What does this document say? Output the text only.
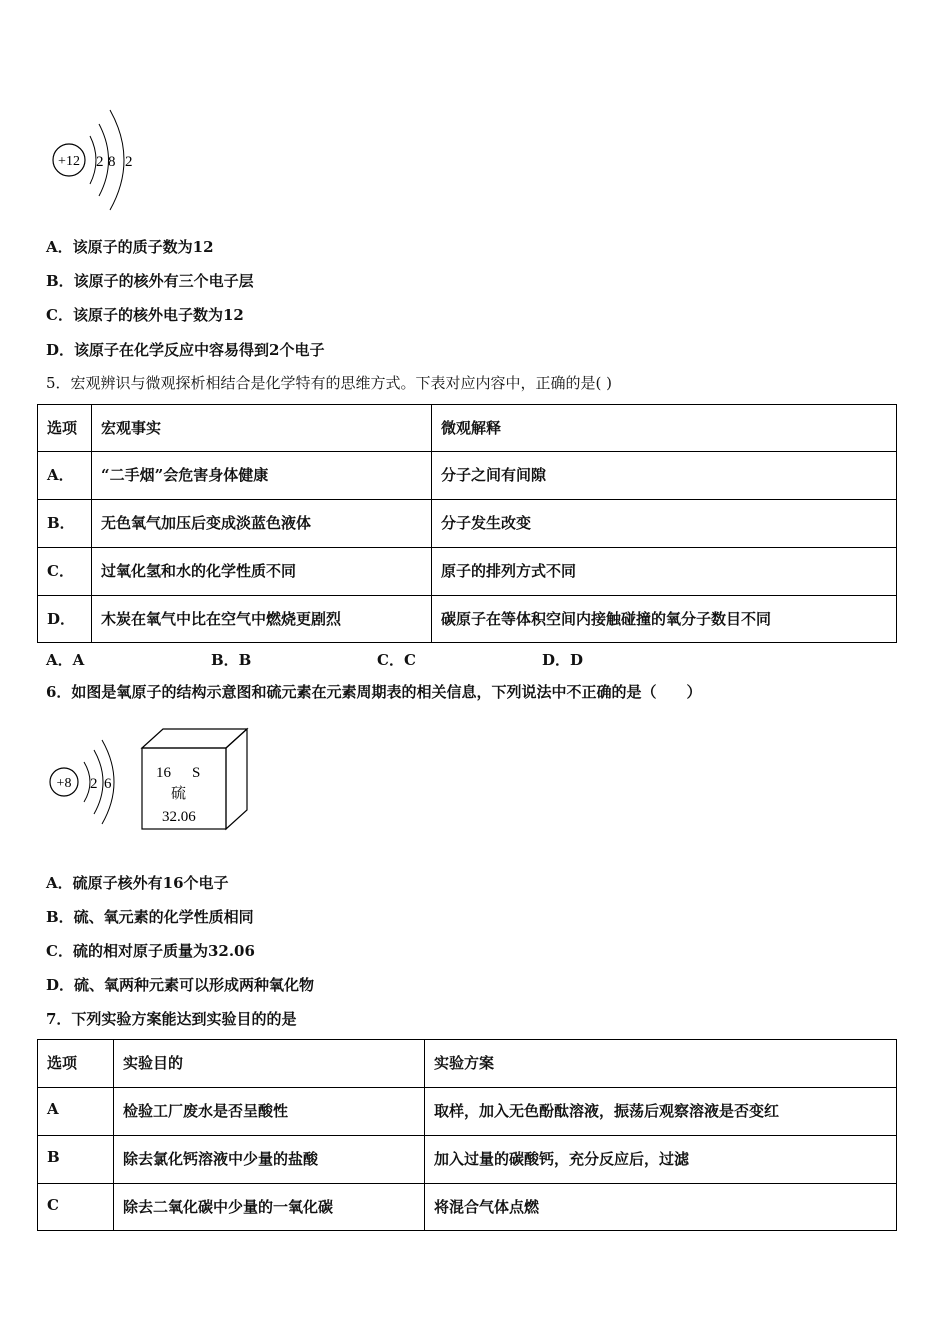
+12 2 8 2
A．该原子的质子数为12
B．该原子的核外有三个电子层
C．该原子的核外电子数为12
D．该原子在化学反应中容易得到2个电子
5．宏观辨识与微观探析相结合是化学特有的思维方式。下表对应内容中，正确的是( )
选项	宏观事实	微观解释
A．	“二手烟”会危害身体健康	分子之间有间隙
B．	无色氧气加压后变成淡蓝色液体	分子发生改变
C．	过氧化氢和水的化学性质不同	原子的排列方式不同
D．	木炭在氧气中比在空气中燃烧更剧烈	碳原子在等体积空间内接触碰撞的氧分子数目不同
A．A	B．B	C．C	D．D
6．如图是氧原子的结构示意图和硫元素在元素周期表的相关信息，下列说法中不正确的是（　　）
+8 2 6
16 S
硫
32.06
A．硫原子核外有16个电子
B．硫、氧元素的化学性质相同
C．硫的相对原子质量为32.06
D．硫、氧两种元素可以形成两种氧化物
7．下列实验方案能达到实验目的的是
选项	实验目的	实验方案
A	检验工厂废水是否呈酸性	取样，加入无色酚酞溶液，振荡后观察溶液是否变红
B	除去氯化钙溶液中少量的盐酸	加入过量的碳酸钙，充分反应后，过滤
C	除去二氧化碳中少量的一氧化碳	将混合气体点燃
